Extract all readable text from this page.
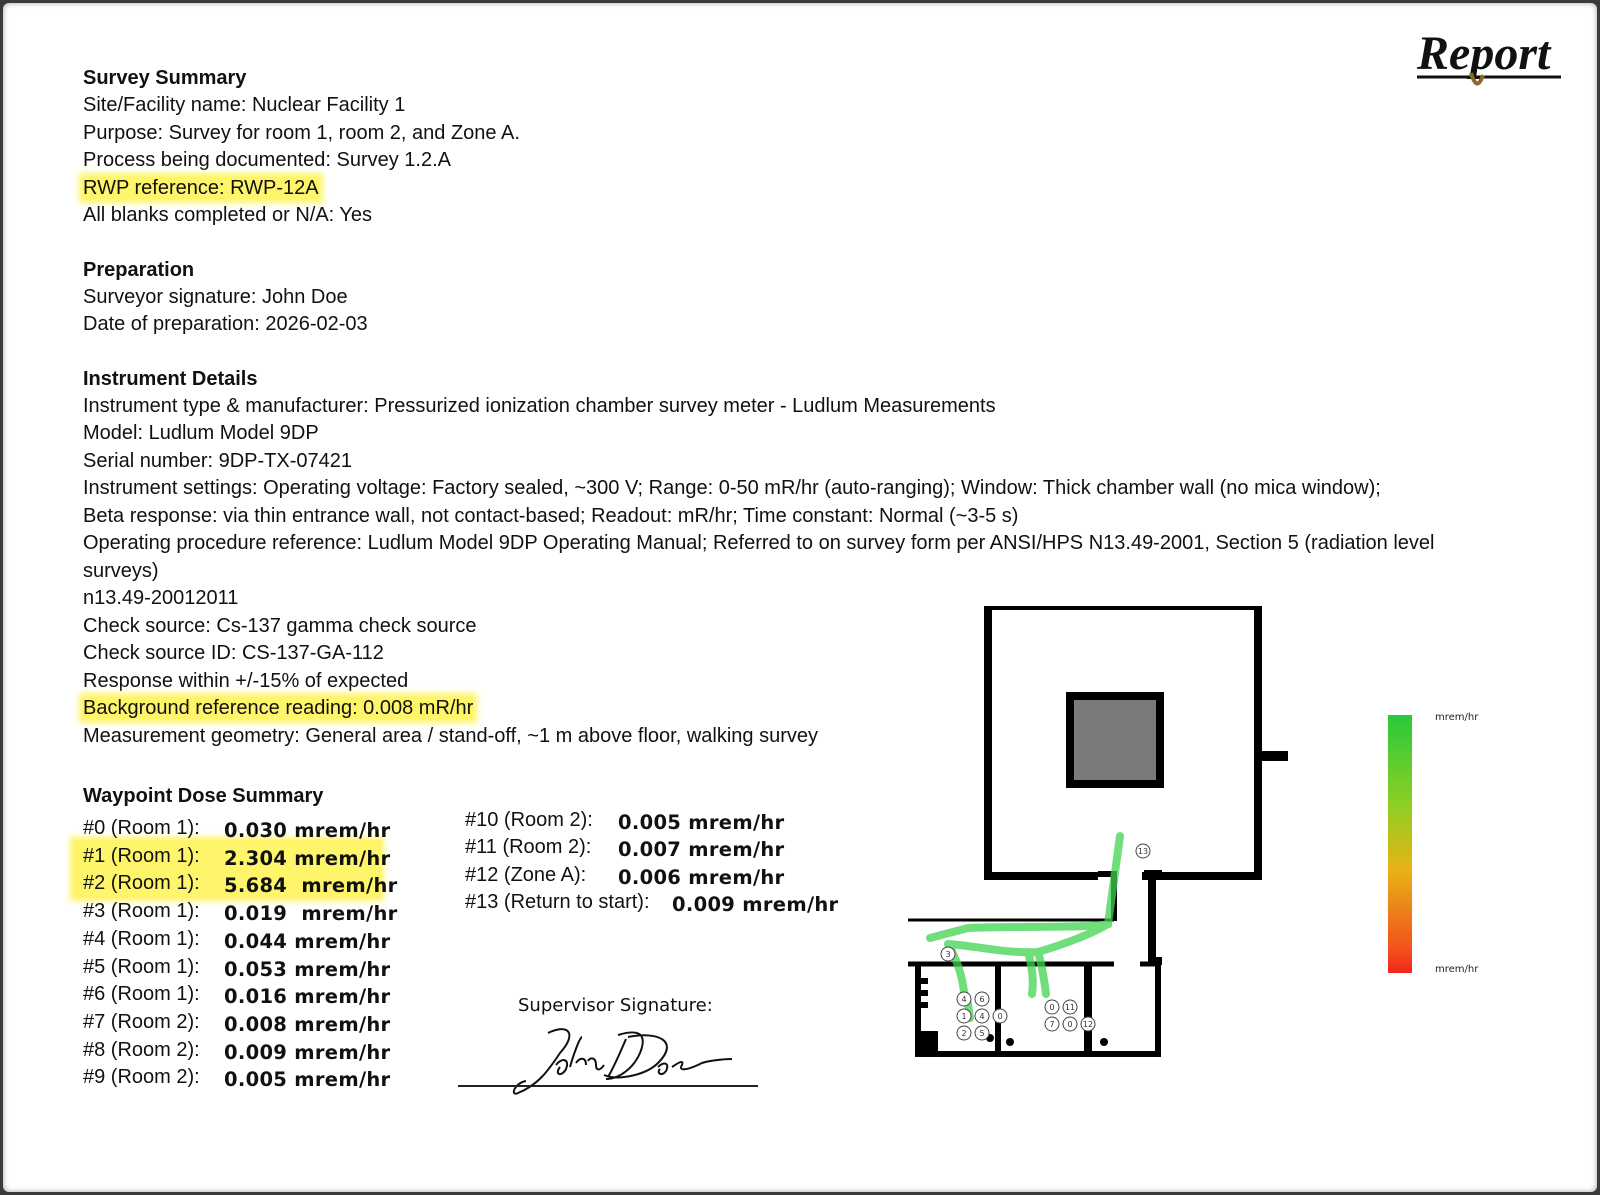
Report
Survey Summary
Site/Facility name: Nuclear Facility 1
Purpose: Survey for room 1, room 2, and Zone A.
Process being documented: Survey 1.2.A
RWP reference: RWP-12A
All blanks completed or N/A: Yes
Preparation
Surveyor signature: John Doe
Date of preparation: 2026-02-03
Instrument Details
Instrument type & manufacturer: Pressurized ionization chamber survey meter - Ludlum Measurements
Model: Ludlum Model 9DP
Serial number: 9DP-TX-07421
Instrument settings: Operating voltage: Factory sealed, ~300 V; Range: 0-50 mR/hr (auto-ranging); Window: Thick chamber wall (no mica window);
Beta response: via thin entrance wall, not contact-based; Readout: mR/hr; Time constant: Normal (~3-5 s)
Operating procedure reference: Ludlum Model 9DP Operating Manual; Referred to on survey form per ANSI/HPS N13.49-2001, Section 5 (radiation level surveys)
n13.49-20012011
Check source: Cs-137 gamma check source
Check source ID: CS-137-GA-112
Response within +/-15% of expected
Background reference reading: 0.008 mR/hr
Measurement geometry: General area / stand-off, ~1 m above floor, walking survey
Waypoint Dose Summary
#0 (Room 1): 0.030 mrem/hr
#1 (Room 1): 2.304 mrem/hr
#2 (Room 1): 5.684  mrem/hr
#3 (Room 1): 0.019  mrem/hr
#4 (Room 1): 0.044 mrem/hr
#5 (Room 1): 0.053 mrem/hr
#6 (Room 1): 0.016 mrem/hr
#7 (Room 2): 0.008 mrem/hr
#8 (Room 2): 0.009 mrem/hr
#9 (Room 2): 0.005 mrem/hr
#10 (Room 2): 0.005 mrem/hr
#11 (Room 2): 0.007 mrem/hr
#12 (Zone A): 0.006 mrem/hr
#13 (Return to start): 0.009 mrem/hr
Supervisor Signature:
13
3
4 6
1 4 0
2 5
0 11
7 0 12
mrem/hr
mrem/hr
